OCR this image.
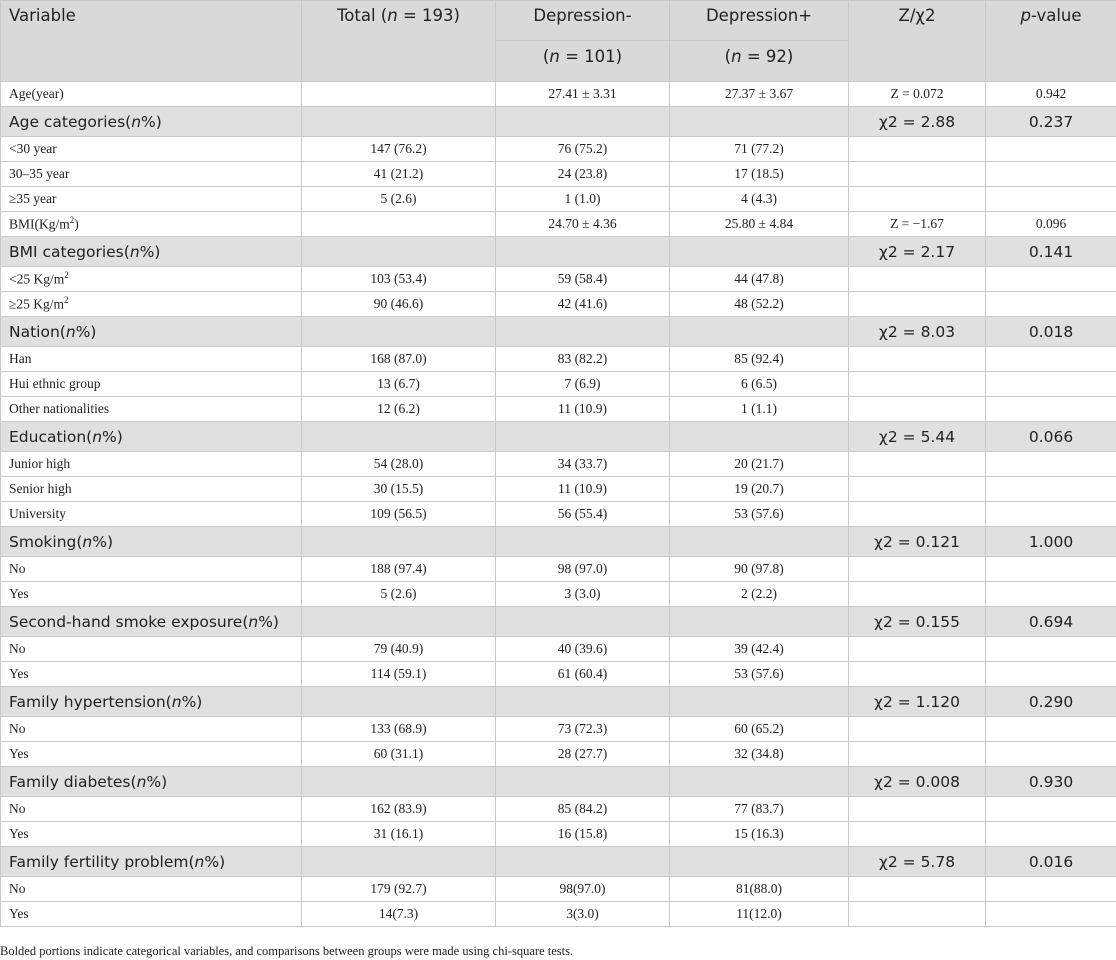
Variable	Total (n = 193)	Depression-	Depression+	Z/χ2	p-value
		(n = 101)	(n = 92)		
Age(year)		27.41 ± 3.31	27.37 ± 3.67	Z = 0.072	0.942
Age categories(n%)				χ2 = 2.88	0.237
<30 year	147 (76.2)	76 (75.2)	71 (77.2)		
30–35 year	41 (21.2)	24 (23.8)	17 (18.5)		
≥35 year	5 (2.6)	1 (1.0)	4 (4.3)		
$BMI(Kg/m^2)$		24.70 ± 4.36	25.80 ± 4.84	Z = −1.67	0.096
BMI categories(n%)				χ2 = 2.17	0.141
<25 $Kg/m^2$	103 (53.4)	59 (58.4)	44 (47.8)		
≥25 $Kg/m^2$	90 (46.6)	42 (41.6)	48 (52.2)		
Nation(n%)				χ2 = 8.03	0.018
Han	168 (87.0)	83 (82.2)	85 (92.4)		
Hui ethnic group	13 (6.7)	7 (6.9)	6 (6.5)		
Other nationalities	12 (6.2)	11 (10.9)	1 (1.1)		
Education(n%)				χ2 = 5.44	0.066
Junior high	54 (28.0)	34 (33.7)	20 (21.7)		
Senior high	30 (15.5)	11 (10.9)	19 (20.7)		
University	109 (56.5)	56 (55.4)	53 (57.6)		
Smoking(n%)				χ2 = 0.121	1.000
No	188 (97.4)	98 (97.0)	90 (97.8)		
Yes	5 (2.6)	3 (3.0)	2 (2.2)		
Second-hand smoke exposure(n%)				χ2 = 0.155	0.694
No	79 (40.9)	40 (39.6)	39 (42.4)		
Yes	114 (59.1)	61 (60.4)	53 (57.6)		
Family hypertension(n%)				χ2 = 1.120	0.290
No	133 (68.9)	73 (72.3)	60 (65.2)		
Yes	60 (31.1)	28 (27.7)	32 (34.8)		
Family diabetes(n%)				χ2 = 0.008	0.930
No	162 (83.9)	85 (84.2)	77 (83.7)		
Yes	31 (16.1)	16 (15.8)	15 (16.3)		
Family fertility problem(n%)				χ2 = 5.78	0.016
No	179 (92.7)	98(97.0)	81(88.0)		
Yes	14(7.3)	3(3.0)	11(12.0)		
Bolded portions indicate categorical variables, and comparisons between groups were made using chi-square tests.
